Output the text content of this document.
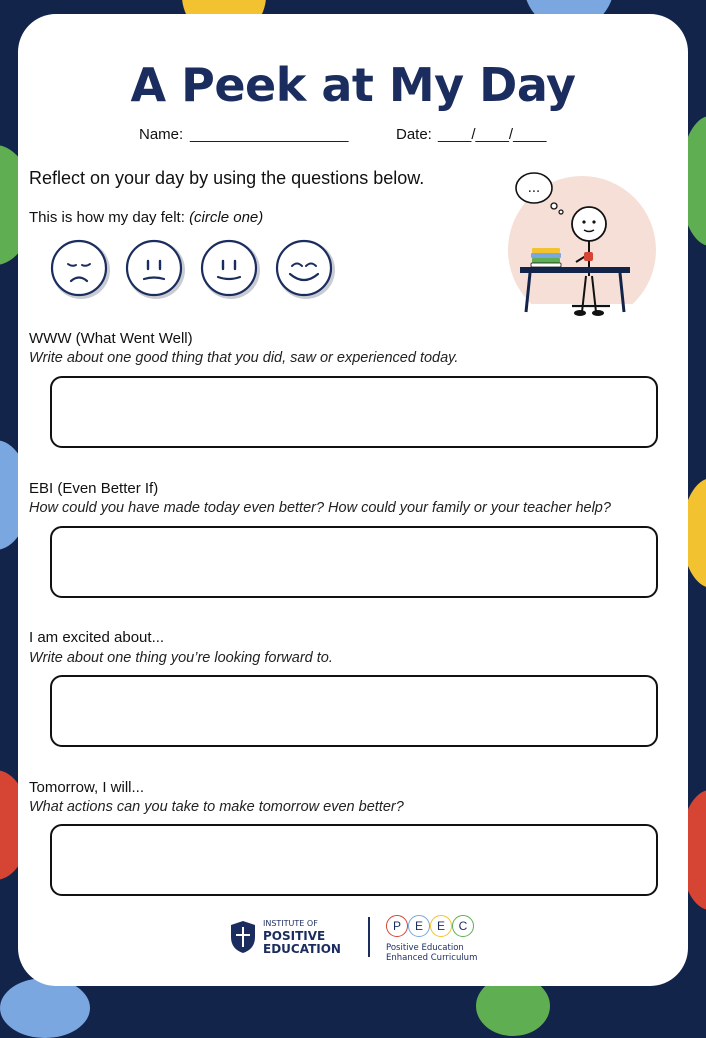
A Peek at My Day
Name: ___________________	Date: ____/____/____
Reflect on your day by using the questions below.
This is how my day felt: (circle one)
...
WWW (What Went Well)
Write about one good thing that you did, saw or experienced today.
EBI (Even Better If)
How could you have made today even better? How could your family or your teacher help?
I am excited about...
Write about one thing you’re looking forward to.
Tomorrow, I will...
What actions can you take to make tomorrow even better?
INSTITUTE OF
POSITIVE
EDUCATION
P	E	E	C
Positive Education
Enhanced Curriculum
